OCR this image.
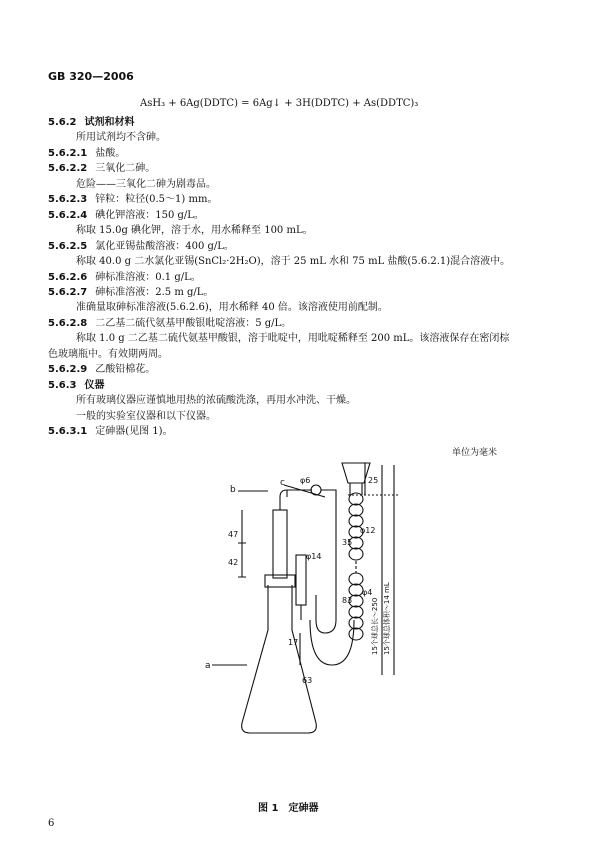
GB 320—2006
AsH₃ + 6Ag(DDTC) = 6Ag↓ + 3H(DDTC) + As(DDTC)₃
5.6.2 试剂和材料
所用试剂均不含砷。
5.6.2.1 盐酸。
5.6.2.2 三氧化二砷。
危险——三氧化二砷为剧毒品。
5.6.2.3 锌粒：粒径(0.5～1) mm。
5.6.2.4 碘化钾溶液：150 g/L。
称取 15.0g 碘化钾，溶于水，用水稀释至 100 mL。
5.6.2.5 氯化亚锡盐酸溶液：400 g/L。
称取 40.0 g 二水氯化亚锡(SnCl₂·2H₂O)，溶于 25 mL 水和 75 mL 盐酸(5.6.2.1)混合溶液中。
5.6.2.6 砷标准溶液：0.1 g/L。
5.6.2.7 砷标准溶液：2.5 m g/L。
准确量取砷标准溶液(5.6.2.6)，用水稀释 40 倍。该溶液使用前配制。
5.6.2.8 二乙基二硫代氨基甲酸银吡啶溶液：5 g/L。
称取 1.0 g 二乙基二硫代氨基甲酸银，溶于吡啶中，用吡啶稀释至 200 mL。该溶液保存在密闭棕
色玻璃瓶中。有效期两周。
5.6.2.9 乙酸铅棉花。
5.6.3 仪器
所有玻璃仪器应谨慎地用热的浓硫酸洗涤，再用水冲洗、干燥。
一般的实验室仪器和以下仪器。
5.6.3.1 定砷器(见图 1)。
单位为毫米
a
b
c	25
47
42
17
φ14
φ6
35
83
φ4
φ12
63
15个球总长～250 15个球总体积～14 mL
图 1　定砷器
6
